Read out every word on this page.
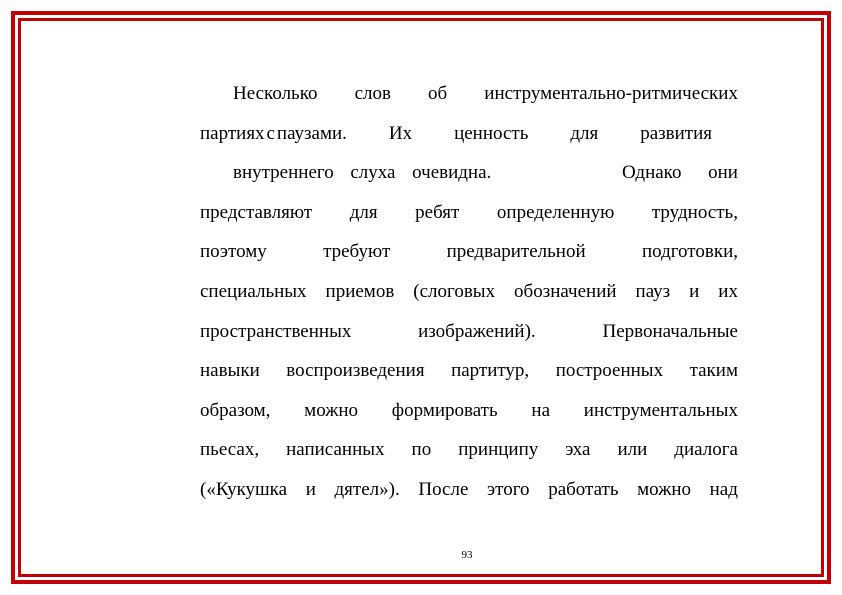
Несколько слов об инструментально-ритмических
партиях с паузами. Их ценность для развития
внутреннего слуха очевидна.	Однако они
представляют для ребят определенную трудность,
поэтому	требуют	предварительной	подготовки,
специальных приемов (слоговых обозначений пауз и их
пространственных	изображений).	Первоначальные
навыки воспроизведения партитур, построенных таким
образом, можно формировать на инструментальных
пьесах, написанных по принципу эха или диалога
(«Кукушка и дятел»). После этого работать можно над
93
